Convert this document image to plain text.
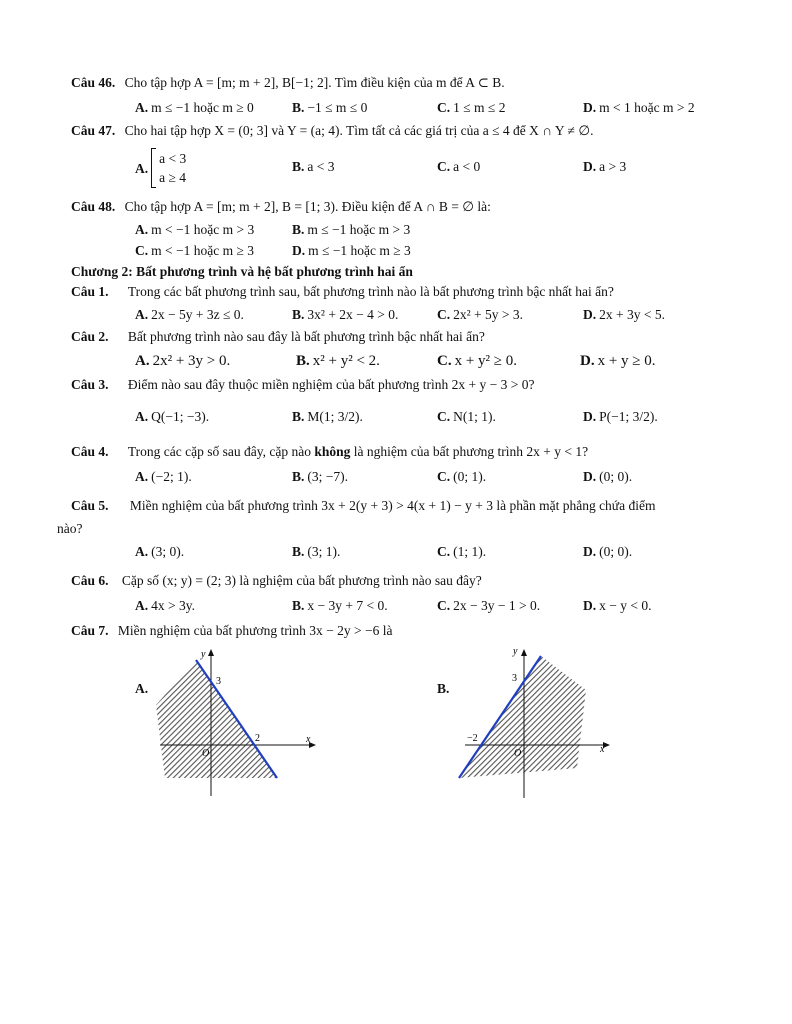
Câu 46. Cho tập hợp A = [m; m + 2], B[−1; 2]. Tìm điều kiện của m để A ⊂ B.
A. m ≤ −1 hoặc m ≥ 0	B. −1 ≤ m ≤ 0	C. 1 ≤ m ≤ 2	D. m < 1 hoặc m > 2
Câu 47. Cho hai tập hợp X = (0; 3] và Y = (a; 4). Tìm tất cả các giá trị của a ≤ 4 để X ∩ Y ≠ ∅.
A.
a < 3
a ≥ 4
B. a < 3	C. a < 0	D. a > 3
Câu 48. Cho tập hợp A = [m; m + 2], B = [1; 3). Điều kiện để A ∩ B = ∅ là:
A. m < −1 hoặc m > 3	B. m ≤ −1 hoặc m > 3
C. m < −1 hoặc m ≥ 3	D. m ≤ −1 hoặc m ≥ 3
Chương 2: Bất phương trình và hệ bất phương trình hai ẩn
Câu 1. Trong các bất phương trình sau, bất phương trình nào là bất phương trình bậc nhất hai ẩn?
A. 2x − 5y + 3z ≤ 0.	B. 3x² + 2x − 4 > 0.	C. 2x² + 5y > 3.	D. 2x + 3y < 5.
Câu 2. Bất phương trình nào sau đây là bất phương trình bậc nhất hai ẩn?
A. 2x² + 3y > 0.	B. x² + y² < 2.	C. x + y² ≥ 0.	D. x + y ≥ 0.
Câu 3. Điểm nào sau đây thuộc miền nghiệm của bất phương trình 2x + y − 3 > 0?
A. Q(−1; −3).	B. M(1; 3/2).	C. N(1; 1).	D. P(−1; 3/2).
Câu 4. Trong các cặp số sau đây, cặp nào không là nghiệm của bất phương trình 2x + y < 1?
A. (−2; 1).	B. (3; −7).	C. (0; 1).	D. (0; 0).
Câu 5. Miền nghiệm của bất phương trình 3x + 2(y + 3) > 4(x + 1) − y + 3 là phần mặt phẳng chứa điểm
nào?
A. (3; 0).	B. (3; 1).	C. (1; 1).	D. (0; 0).
Câu 6. Cặp số (x; y) = (2; 3) là nghiệm của bất phương trình nào sau đây?
A. 4x > 3y.	B. x − 3y + 7 < 0.	C. 2x − 3y − 1 > 0.	D. x − y < 0.
Câu 7. Miền nghiệm của bất phương trình 3x − 2y > −6 là
A.
y
x
O
3
2
B.
y
x
O
3
−2
